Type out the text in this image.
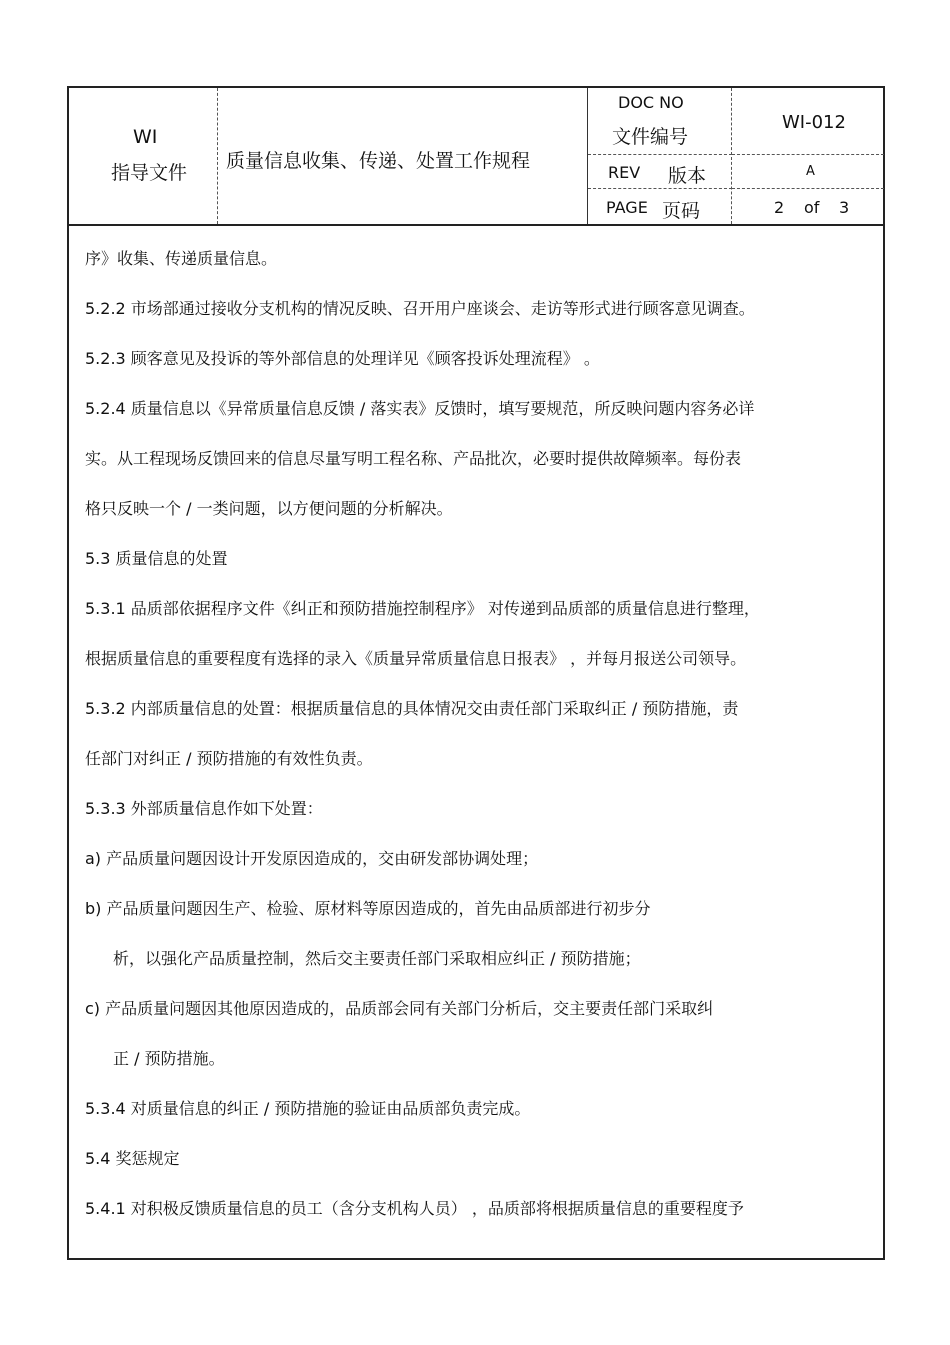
WI
指导文件
质量信息收集、传递、处置工作规程
DOC NO
文件编号
REV 版本
PAGE 页码
WI-012
A
2 of 3
序》收集、传递质量信息。
5.2.2 市场部通过接收分支机构的情况反映、召开用户座谈会、走访等形式进行顾客意见调查。
5.2.3 顾客意见及投诉的等外部信息的处理详见《顾客投诉处理流程》 。
5.2.4 质量信息以《异常质量信息反馈 / 落实表》反馈时，填写要规范，所反映问题内容务必详
实。从工程现场反馈回来的信息尽量写明工程名称、产品批次，必要时提供故障频率。每份表
格只反映一个 / 一类问题，以方便问题的分析解决。
5.3 质量信息的处置
5.3.1 品质部依据程序文件《纠正和预防措施控制程序》 对传递到品质部的质量信息进行整理，
根据质量信息的重要程度有选择的录入《质量异常质量信息日报表》 ，并每月报送公司领导。
5.3.2 内部质量信息的处置：根据质量信息的具体情况交由责任部门采取纠正 / 预防措施，责
任部门对纠正 / 预防措施的有效性负责。
5.3.3 外部质量信息作如下处置：
a) 产品质量问题因设计开发原因造成的，交由研发部协调处理；
b) 产品质量问题因生产、检验、原材料等原因造成的，首先由品质部进行初步分
析，以强化产品质量控制，然后交主要责任部门采取相应纠正 / 预防措施；
c) 产品质量问题因其他原因造成的，品质部会同有关部门分析后，交主要责任部门采取纠
正 / 预防措施。
5.3.4 对质量信息的纠正 / 预防措施的验证由品质部负责完成。
5.4 奖惩规定
5.4.1 对积极反馈质量信息的员工（含分支机构人员） ，品质部将根据质量信息的重要程度予
